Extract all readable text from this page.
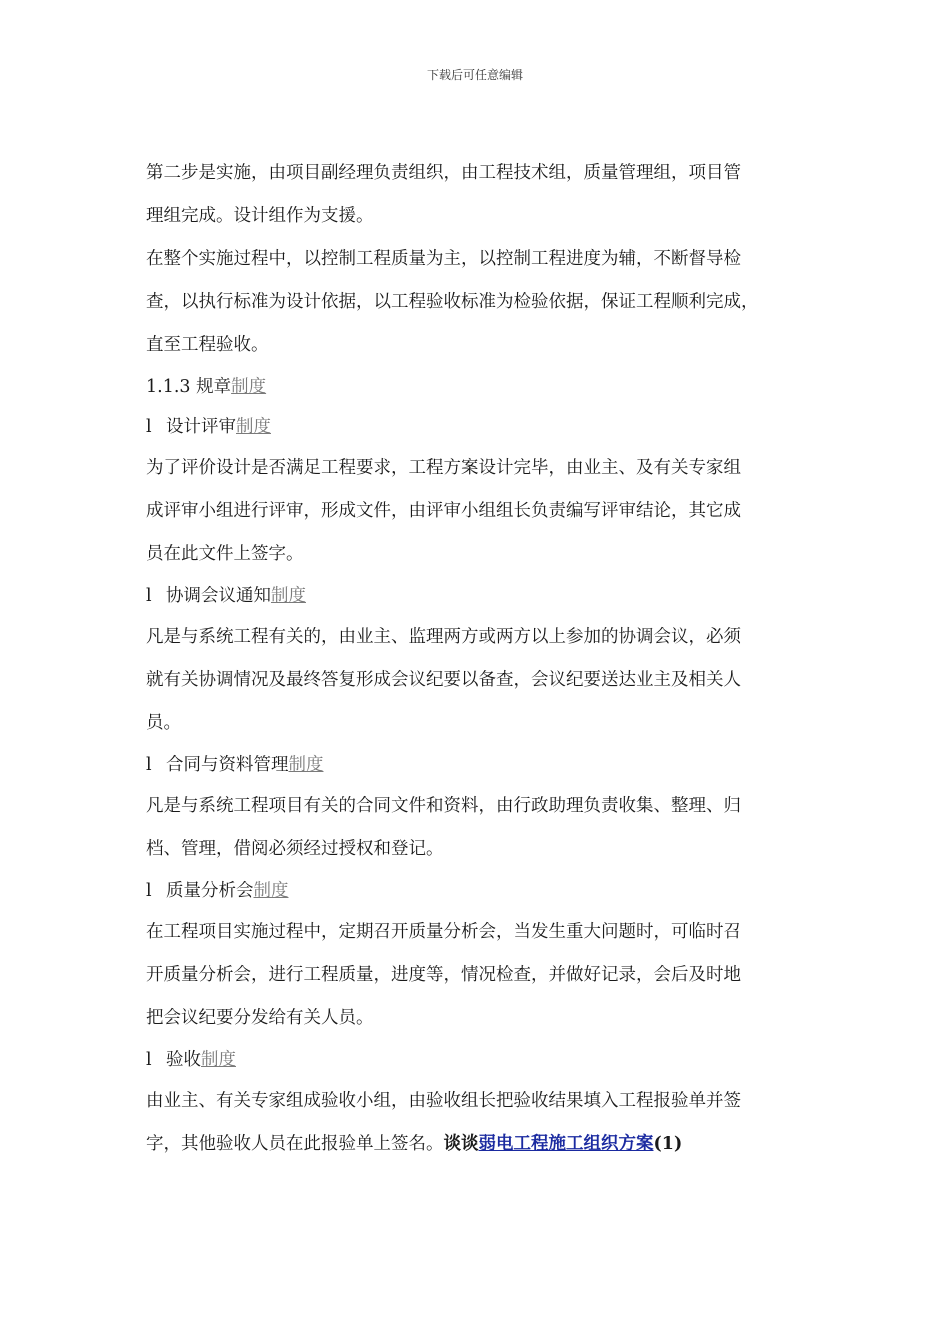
下载后可任意编辑
第二步是实施，由项目副经理负责组织，由工程技术组，质量管理组，项目管
理组完成。设计组作为支援。
在整个实施过程中，以控制工程质量为主，以控制工程进度为辅，不断督导检
查，以执行标准为设计依据，以工程验收标准为检验依据，保证工程顺利完成，
直至工程验收。
1.1.3 规章制度
l 设计评审制度
为了评价设计是否满足工程要求，工程方案设计完毕，由业主、及有关专家组
成评审小组进行评审，形成文件，由评审小组组长负责编写评审结论，其它成
员在此文件上签字。
l 协调会议通知制度
凡是与系统工程有关的，由业主、监理两方或两方以上参加的协调会议，必须
就有关协调情况及最终答复形成会议纪要以备查，会议纪要送达业主及相关人
员。
l 合同与资料管理制度
凡是与系统工程项目有关的合同文件和资料，由行政助理负责收集、整理、归
档、管理，借阅必须经过授权和登记。
l 质量分析会制度
在工程项目实施过程中，定期召开质量分析会，当发生重大问题时，可临时召
开质量分析会，进行工程质量，进度等，情况检查，并做好记录，会后及时地
把会议纪要分发给有关人员。
l 验收制度
由业主、有关专家组成验收小组，由验收组长把验收结果填入工程报验单并签
字，其他验收人员在此报验单上签名。谈谈弱电工程施工组织方案(1)
